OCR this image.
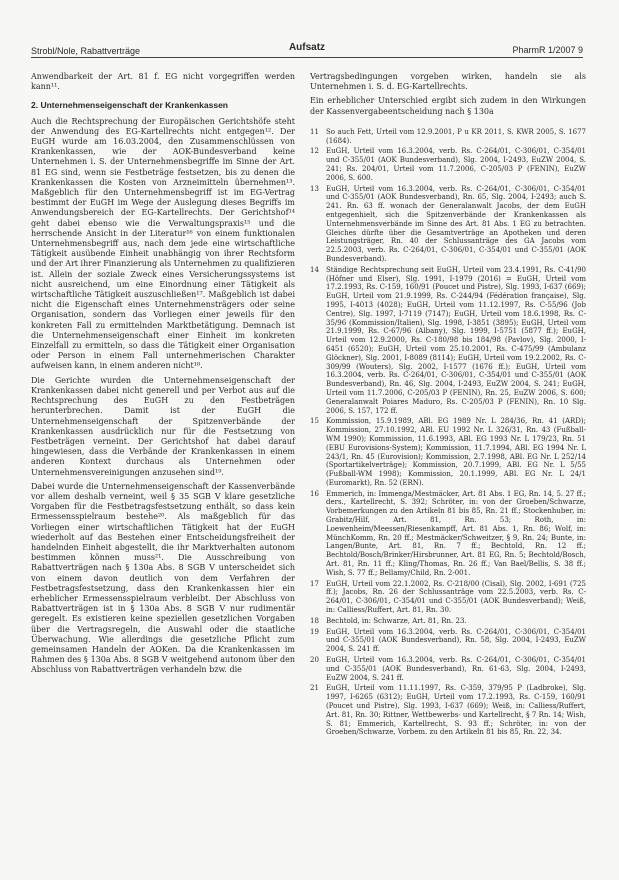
Strobl/Nole, Rabattverträge	Aufsatz	PharmR 1/2007 9

Anwendbarkeit der Art. 81 f. EG nicht vorgegriffen werden kann¹¹.

2. Unternehmenseigenschaft der Krankenkassen

Auch die Rechtsprechung der Europäischen Gerichtshöfe steht der Anwendung des EG-Kartellrechts nicht entgegen¹². Der EuGH wurde am 16.03.2004, den Zusammenschlüssen von Krankenkassen, wie der AOK-Bundesverband keine Unternehmen i. S. der Unternehmensbegriffe im Sinne der Art. 81 EG sind, wenn sie Festbeträge festsetzen, bis zu denen die Krankenkassen die Kosten von Arzneimitteln übernehmen¹³. Maßgeblich für den Unternehmensbegriff ist im EG-Vertrag bestimmt der EuGH im Wege der Auslegung dieses Begriffs im Anwendungsbereich der EG-Kartellrechts. Der Gerichtshof¹⁴ geht dabei ebenso wie die Verwaltungspraxis¹⁵ und die herrschende Ansicht in der Literatur¹⁶ von einem funktionalen Unternehmensbegriff aus, nach dem jede eine wirtschaftliche Tätigkeit ausübende Einheit unabhängig von ihrer Rechtsform und der Art ihrer Finanzierung als Unternehmen zu qualifizieren ist. Allein der soziale Zweck eines Versicherungssystems ist nicht ausreichend, um eine Einordnung einer Tätigkeit als wirtschaftliche Tätigkeit auszuschließen¹⁷. Maßgeblich ist dabei nicht die Eigenschaft eines Unternehmensträgers oder seine Organisation, sondern das Vorliegen einer jeweils für den konkreten Fall zu ermittelnden Marktbetätigung. Demnach ist die Unternehmenseigenschaft einer Einheit im konkreten Einzelfall zu ermitteln, so dass die Tätigkeit einer Organisation oder Person in einem Fall unternehmerischen Charakter aufweisen kann, in einem anderen nicht¹⁸.

Die Gerichte wurden die Unternehmenseigenschaft der Krankenkassen dabei nicht generell und per Verbot aus auf die Rechtsprechung des EuGH zu den Festbeträgen herunterbrechen. Damit ist der EuGH die Unternehmenseigenschaft der Spitzenverbände der Krankenkassen ausdrücklich nur für die Festsetzung von Festbeträgen verneint. Der Gerichtshof hat dabei darauf hingewiesen, dass die Verbände der Krankenkassen in einem anderen Kontext durchaus als Unternehmen oder Unternehmensvereinigungen anzusehen sind¹⁹.

Dabei wurde die Unternehmenseigenschaft der Kassenverbände vor allem deshalb verneint, weil § 35 SGB V klare gesetzliche Vorgaben für die Festbetragsfestsetzung enthält, so dass kein Ermessensspielraum bestehe²⁰. Als maßgeblich für das Vorliegen einer wirtschaftlichen Tätigkeit hat der EuGH wiederholt auf das Bestehen einer Entscheidungsfreiheit der handelnden Einheit abgestellt, die ihr Marktverhalten autonom bestimmen können muss²¹. Die Ausschreibung von Rabattverträgen nach § 130a Abs. 8 SGB V unterscheidet sich von einem davon deutlich von dem Verfahren der Festbetragsfestsetzung, dass den Krankenkassen hier ein erheblicher Ermessensspielraum verbleibt. Der Abschluss von Rabattverträgen ist in § 130a Abs. 8 SGB V nur rudimentär geregelt. Es existieren keine speziellen gesetzlichen Vorgaben über die Vertragsregeln, die Auswahl oder die staatliche Überwachung. Wie allerdings die gesetzliche Pflicht zum gemeinsamen Handeln der AOKen. Da die Krankenkassen im Rahmen des § 130a Abs. 8 SGB V weitgehend autonom über den Abschluss von Rabattverträgen verhandeln bzw. die

Vertragsbedingungen vorgeben wirken, handeln sie als Unternehmen i. S. d. EG-Kartellrechts.

Ein erheblicher Unterschied ergibt sich zudem in den Wirkungen der Kassenvergabeentscheidung nach § 130a

11	So auch Fett, Urteil vom 12.9.2001, P u KR 2011, S. KWR 2005, S. 1677 (1684).
12	EuGH, Urteil vom 16.3.2004, verb. Rs. C-264/01, C-306/01, C-354/01 und C-355/01 (AOK Bundesverband), Slg. 2004, I-2493, EuZW 2004, S. 241; Rs. 204/01, Urteil vom 11.7.2006, C-205/03 P (FENIN), EuZW 2006, S. 600.
13	EuGH, Urteil vom 16.3.2004, verb. Rs. C-264/01, C-306/01, C-354/01 und C-355/01 (AOK Bundesverband), Rn. 65, Slg. 2004, I-2493; auch S. 241. Rn. 63 ff. wonach der Generalanwalt Jacobs, der dem EuGH entgegenhielt, sich die Spitzenverbände der Krankenkassen als Unternehmensverbände im Sinne des Art. 81 Abs. 1 EG zu betrachten. Gleiches dürfte über die Gesamtverträge an Apotheken und deren Leistungsträger, Rn. 40 der Schlussanträge des GA Jacobs vom 22.5.2003, verb. Rs. C-264/01, C-306/01, C-354/01 und C-355/01 (AOK Bundesverband).
14	Ständige Rechtsprechung seit EuGH, Urteil vom 23.4.1991, Rs. C-41/90 (Höfner und Elser), Slg. 1991, I-1979 (2016) = EuGH, Urteil vom 17.2.1993, Rs. C-159, 160/91 (Poucet und Pistre), Slg. 1993, I-637 (669); EuGH, Urteil vom 21.9.1999, Rs. C-244/94 (Fédération française), Slg. 1995, I-4013 (4028); EuGH, Urteil vom 11.12.1997, Rs. C-55/96 (Job Centre), Slg. 1997, I-7119 (7147); EuGH, Urteil vom 18.6.1998, Rs. C-35/96 (Kommission/Italien), Slg. 1998, I-3851 (3895); EuGH, Urteil vom 21.9.1999, Rs. C-67/96 (Albany), Slg. 1999, I-5751 (5877 ff.); EuGH, Urteil vom 12.9.2000, Rs. C-180/98 bis 184/98 (Pavlov), Slg. 2000, I-6451 (6520); EuGH, Urteil vom 25.10.2001, Rs. C-475/99 (Ambulanz Glöckner), Slg. 2001, I-8089 (8114); EuGH, Urteil vom 19.2.2002, Rs. C-309/99 (Wouters), Slg. 2002, I-1577 (1676 ff.); EuGH, Urteil vom 16.3.2004, verb. Rs. C-264/01, C-306/01, C-354/01 und C-355/01 (AOK Bundesverband), Rn. 46, Slg. 2004, I-2493, EuZW 2004, S. 241; EuGH, Urteil vom 11.7.2006, C-205/03 P (FENIN), Rn. 25, EuZW 2006, S. 600; Generalanwalt Poiares Maduro, Rs. C-205/03 P (FENIN), Rn. 10 Slg. 2006, S. 157, 172 ff.
15	Kommission, 15.9.1989, ABl. EG 1989 Nr. L 284/36, Rn. 41 (ARD); Kommission, 27.10.1992, ABl. EU 1992 Nr. L 326/31, Rn. 43 (Fußball-WM 1990); Kommission, 11.6.1993, ABl. EG 1993 Nr. L 179/23, Rn. 51 (EBU Eurovisions-System); Kommission, 11.7.1994, ABl. EG 1994 Nr. L 243/1, Rn. 45 (Eurovision); Kommission, 2.7.1998, ABl. EG Nr. L 252/14 (Sportartikelverträge); Kommission, 20.7.1999, ABl. EG Nr. L 5/55 (Fußball-WM 1998); Kommission, 20.1.1999, ABl. EG Nr. L 24/1 (Euromarkt), Rn. 52 (ERN).
16	Emmerich, in: Immenga/Mestmäcker, Art. 81 Abs. 1 EG, Rn. 14, 5. 27 ff.; ders., Kartellrecht, S. 392; Schröter, in: von der Groeben/Schwarze, Vorbemerkungen zu den Artikeln 81 bis 85, Rn. 21 ff.; Stockenhuber, in: Grabitz/Hilf, Art. 81, Rn. 53; Roth, in: Loewenheim/Meessen/Riesenkampff, Art. 81 Abs. 1, Rn. 86; Wolf, in: MünchKomm, Rn. 20 ff.; Mestmäcker/Schweitzer, § 9, Rn. 24; Bunte, in: Langen/Bunte, Art. 81, Rn. 7 ff.; Bechtold, Rn. 12 ff.; Bechtold/Bosch/Brinker/Hirsbrunner, Art. 81 EG, Rn. 5; Bechtold/Bosch, Art. 81, Rn. 11 ff.; Kling/Thomas, Rn. 26 ff.; Van Bael/Bellis, S. 38 ff.; Wish, S. 77 ff.; Bellamy/Child, Rn. 2-001.
17	EuGH, Urteil vom 22.1.2002, Rs. C-218/00 (Cisal), Slg. 2002, I-691 (725 ff.); Jacobs, Rn. 26 der Schlussanträge vom 22.5.2003, verb. Rs. C-264/01, C-306/01, C-354/01 und C-355/01 (AOK Bundesverband); Weiß, in: Calliess/Ruffert, Art. 81, Rn. 30.
18	Bechtold, in: Schwarze, Art. 81, Rn. 23.
19	EuGH, Urteil vom 16.3.2004, verb. Rs. C-264/01, C-306/01, C-354/01 und C-355/01 (AOK Bundesverband), Rn. 58, Slg. 2004, I-2493, EuZW 2004, S. 241 ff.
20	EuGH, Urteil vom 16.3.2004, verb. Rs. C-264/01, C-306/01, C-354/01 und C-355/01 (AOK Bundesverband), Rn. 61-63, Slg. 2004, I-2493, EuZW 2004, S. 241 ff.
21	EuGH, Urteil vom 11.11.1997, Rs. C-359, 379/95 P (Ladbroke), Slg. 1997, I-6265 (6312); EuGH, Urteil vom 17.2.1993, Rs. C-159, 160/91 (Poucet und Pistre), Slg. 1993, I-637 (669); Weiß, in: Calliess/Ruffert, Art. 81, Rn. 30; Rittner, Wettbewerbs- und Kartellrecht, § 7 Rn. 14; Wish, S. 81; Emmerich, Kartellrecht, S. 93 ff.; Schröter, in: von der Groeben/Schwarze, Vorbem. zu den Artikeln 81 bis 85, Rn. 22, 34.
